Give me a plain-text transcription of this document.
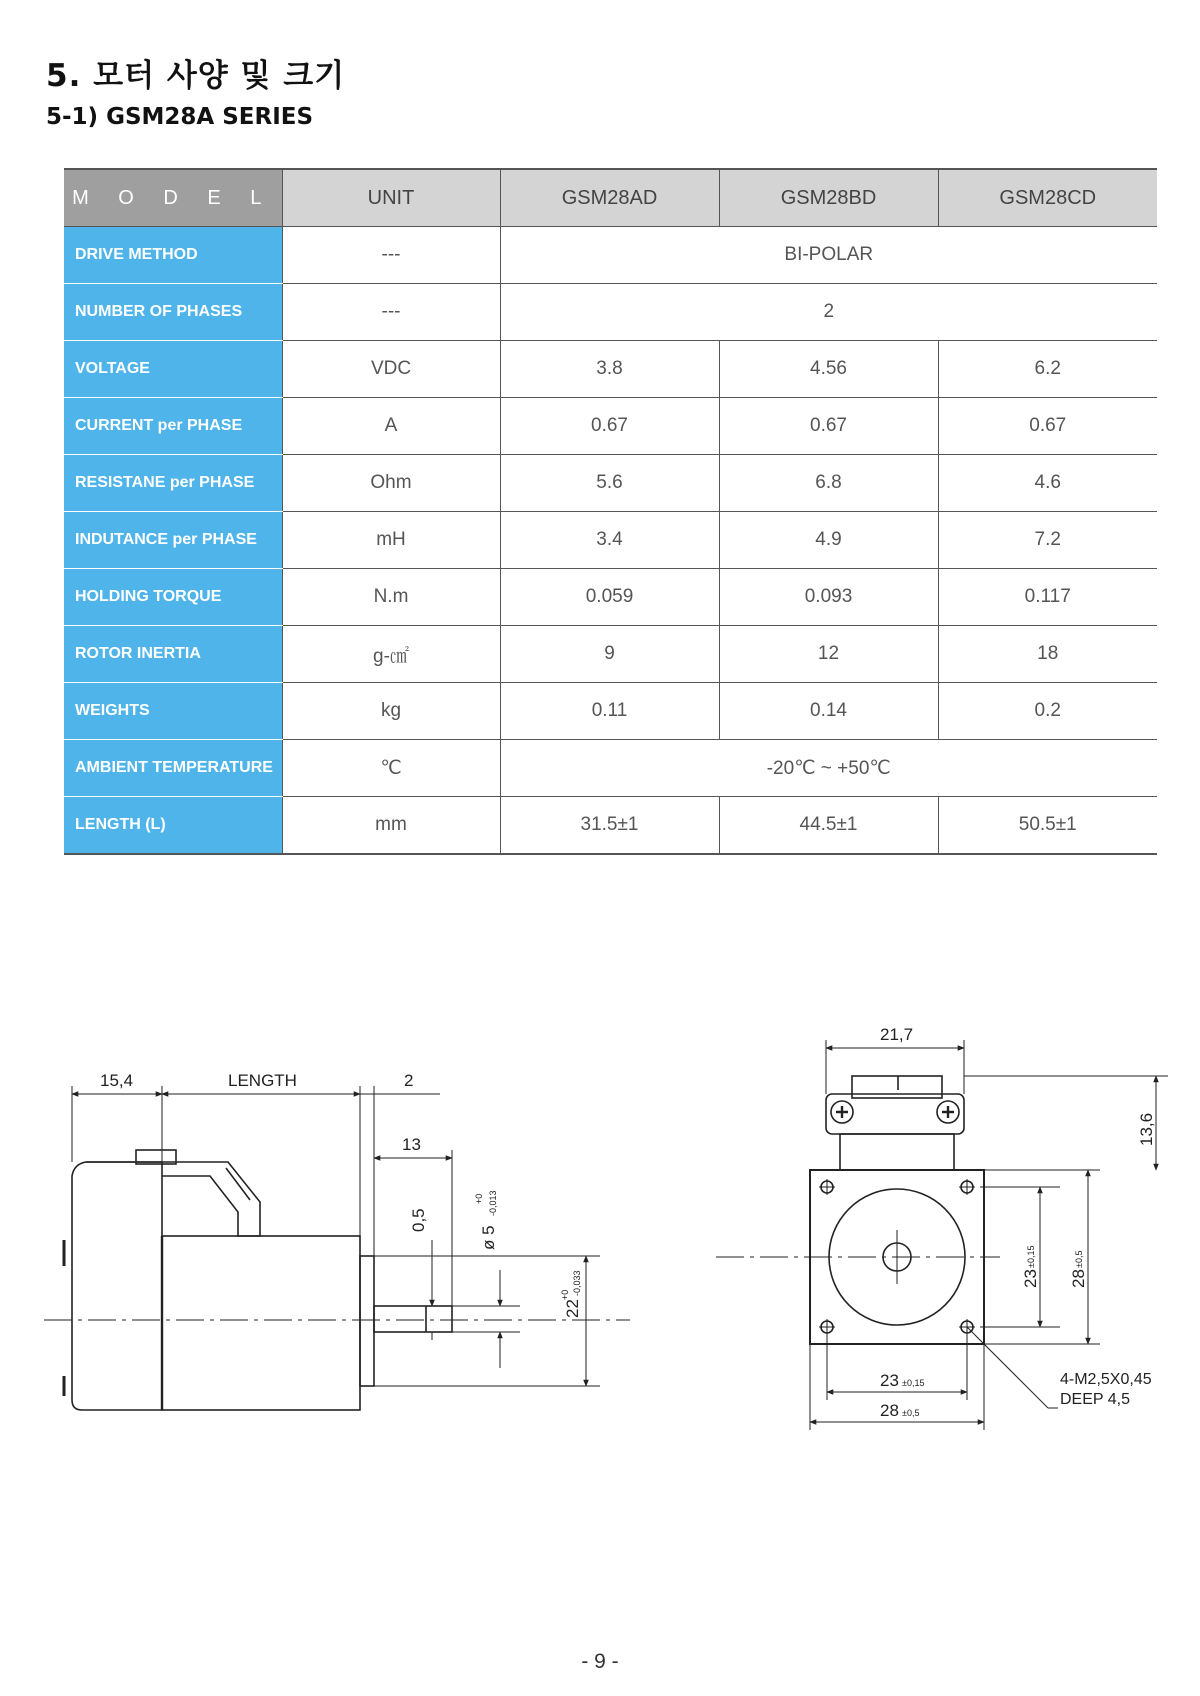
5. 모터 사양 및 크기
5-1) GSM28A SERIES
M O D E L	UNIT	GSM28AD	GSM28BD	GSM28CD
DRIVE METHOD	---	BI-POLAR		
NUMBER OF PHASES	---	2		
VOLTAGE	VDC	3.8	4.56	6.2
CURRENT per PHASE	A	0.67	0.67	0.67
RESISTANE per PHASE	Ohm	5.6	6.8	4.6
INDUTANCE per PHASE	mH	3.4	4.9	7.2
HOLDING TORQUE	N.m	0.059	0.093	0.117
ROTOR INERTIA	g-㎠	9	12	18
WEIGHTS	kg	0.11	0.14	0.2
AMBIENT TEMPERATURE	℃	-20℃ ~ +50℃		
LENGTH (L)	mm	31.5±1	44.5±1	50.5±1
15,4	LENGTH	2
13
0,5
ø 5
+0 -0,013
22
+0 -0,033
21,7
13,6
23
±0,15
28
±0,5
23 ±0,15
28 ±0,5
4-M2,5X0,45
DEEP 4,5
- 9 -
